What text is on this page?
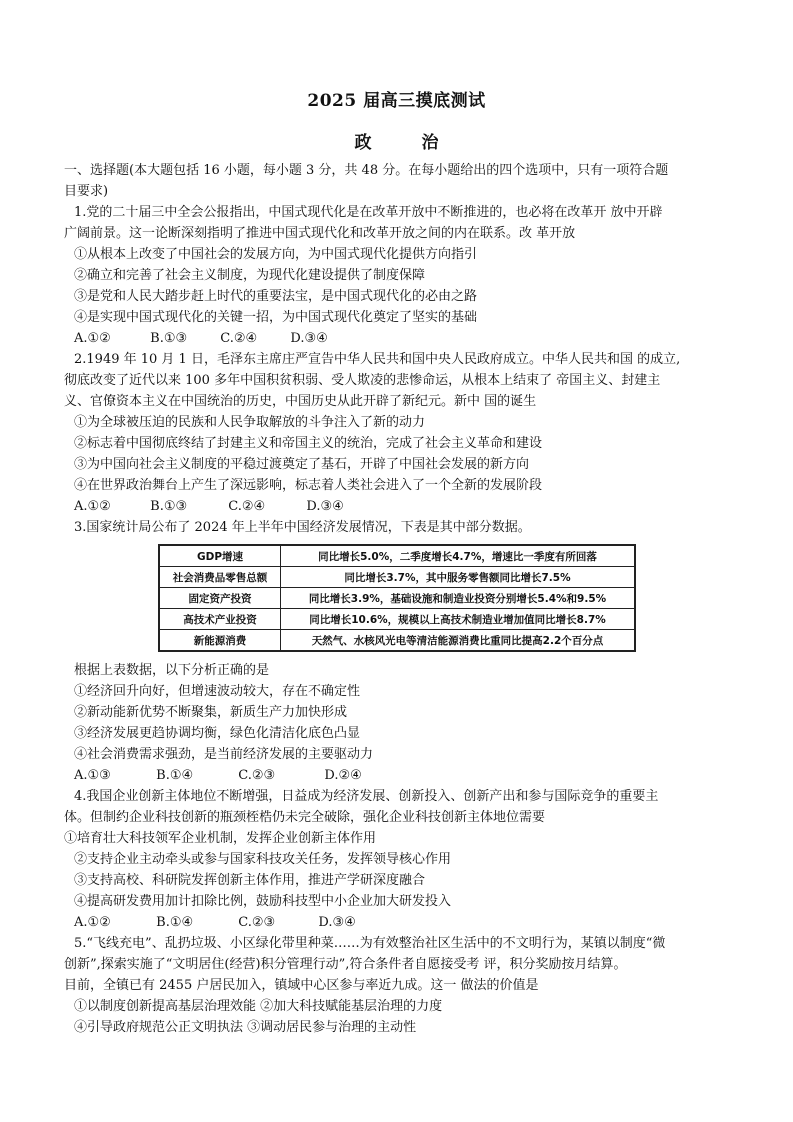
2025 届高三摸底测试
政 治
一、选择题(本大题包括 16 小题，每小题 3 分，共 48 分。在每小题给出的四个选项中，只有一项符合题
目要求)
1.党的二十届三中全会公报指出，中国式现代化是在改革开放中不断推进的，也必将在改革开 放中开辟
广阔前景。这一论断深刻指明了推进中国式现代化和改革开放之间的内在联系。改 革开放
①从根本上改变了中国社会的发展方向，为中国式现代化提供方向指引
②确立和完善了社会主义制度，为现代化建设提供了制度保障
③是党和人民大踏步赶上时代的重要法宝，是中国式现代化的必由之路
④是实现中国式现代化的关键一招，为中国式现代化奠定了坚实的基础
A.①②	B.①③	C.②④	D.③④
2.1949 年 10 月 1 日，毛泽东主席庄严宣告中华人民共和国中央人民政府成立。中华人民共和国 的成立,
彻底改变了近代以来 100 多年中国积贫积弱、受人欺凌的悲惨命运，从根本上结束了 帝国主义、封建主
义、官僚资本主义在中国统治的历史，中国历史从此开辟了新纪元。新中 国的诞生
①为全球被压迫的民族和人民争取解放的斗争注入了新的动力
②标志着中国彻底终结了封建主义和帝国主义的统治，完成了社会主义革命和建设
③为中国向社会主义制度的平稳过渡奠定了基石，开辟了中国社会发展的新方向
④在世界政治舞台上产生了深远影响，标志着人类社会进入了一个全新的发展阶段
A.①②	B.①③	C.②④	D.③④
3.国家统计局公布了 2024 年上半年中国经济发展情况，下表是其中部分数据。
GDP增速	同比增长5.0%，二季度增长4.7%，增速比一季度有所回落
社会消费品零售总额	同比增长3.7%，其中服务零售额同比增长7.5%
固定资产投资	同比增长3.9%，基础设施和制造业投资分别增长5.4%和9.5%
高技术产业投资	同比增长10.6%，规模以上高技术制造业增加值同比增长8.7%
新能源消费	天然气、水核风光电等清洁能源消费比重同比提高2.2个百分点
根据上表数据，以下分析正确的是
①经济回升向好，但增速波动较大，存在不确定性
②新动能新优势不断聚集，新质生产力加快形成
③经济发展更趋协调均衡，绿色化清洁化底色凸显
④社会消费需求强劲，是当前经济发展的主要驱动力
A.①③	B.①④	C.②③	D.②④
4.我国企业创新主体地位不断增强，日益成为经济发展、创新投入、创新产出和参与国际竞争的重要主
体。但制约企业科技创新的瓶颈桎梏仍未完全破除，强化企业科技创新主体地位需要
①培育壮大科技领军企业机制，发挥企业创新主体作用
②支持企业主动牵头或参与国家科技攻关任务，发挥领导核心作用
③支持高校、科研院发挥创新主体作用，推进产学研深度融合
④提高研发费用加计扣除比例，鼓励科技型中小企业加大研发投入
A.①②	B.①④	C.②③	D.③④
5.“飞线充电”、乱扔垃圾、小区绿化带里种菜……为有效整治社区生活中的不文明行为，某镇以制度“微
创新”,探索实施了“文明居住(经营)积分管理行动”,符合条件者自愿接受考 评，积分奖励按月结算。
目前，全镇已有 2455 户居民加入，镇域中心区参与率近九成。这一 做法的价值是
①以制度创新提高基层治理效能 ②加大科技赋能基层治理的力度
④引导政府规范公正文明执法 ③调动居民参与治理的主动性
